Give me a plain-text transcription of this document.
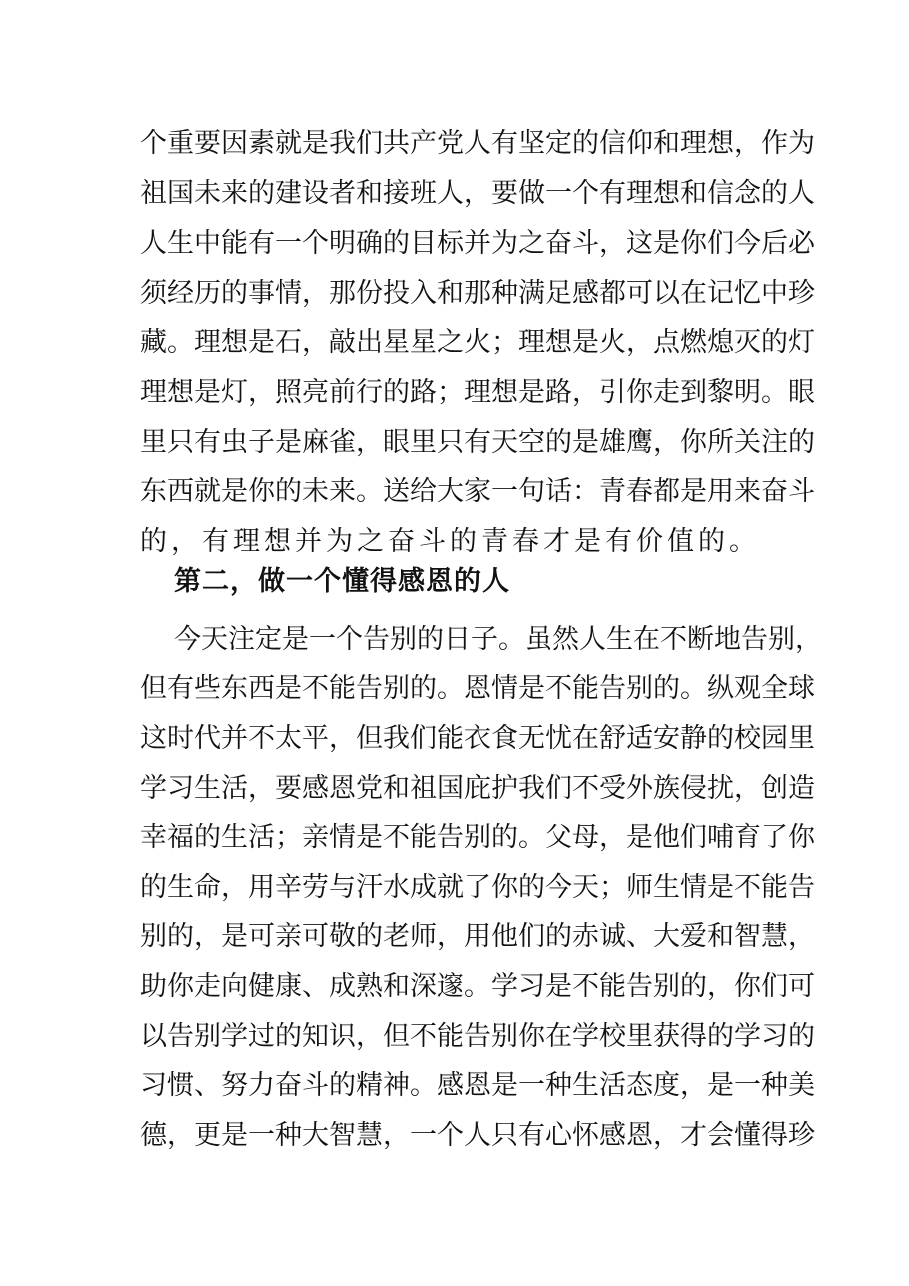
个重要因素就是我们共产党人有坚定的信仰和理想，作为
祖国未来的建设者和接班人，要做一个有理想和信念的人
人生中能有一个明确的目标并为之奋斗，这是你们今后必
须经历的事情，那份投入和那种满足感都可以在记忆中珍
藏。理想是石，敲出星星之火；理想是火，点燃熄灭的灯
理想是灯，照亮前行的路；理想是路，引你走到黎明。眼
里只有虫子是麻雀，眼里只有天空的是雄鹰，你所关注的
东西就是你的未来。送给大家一句话：青春都是用来奋斗
的，有理想并为之奋斗的青春才是有价值的。
第二，做一个懂得感恩的人
今天注定是一个告别的日子。虽然人生在不断地告别，
但有些东西是不能告别的。恩情是不能告别的。纵观全球
这时代并不太平，但我们能衣食无忧在舒适安静的校园里
学习生活，要感恩党和祖国庇护我们不受外族侵扰，创造
幸福的生活；亲情是不能告别的。父母，是他们哺育了你
的生命，用辛劳与汗水成就了你的今天；师生情是不能告
别的，是可亲可敬的老师，用他们的赤诚、大爱和智慧，
助你走向健康、成熟和深邃。学习是不能告别的，你们可
以告别学过的知识，但不能告别你在学校里获得的学习的
习惯、努力奋斗的精神。感恩是一种生活态度，是一种美
德，更是一种大智慧，一个人只有心怀感恩，才会懂得珍
